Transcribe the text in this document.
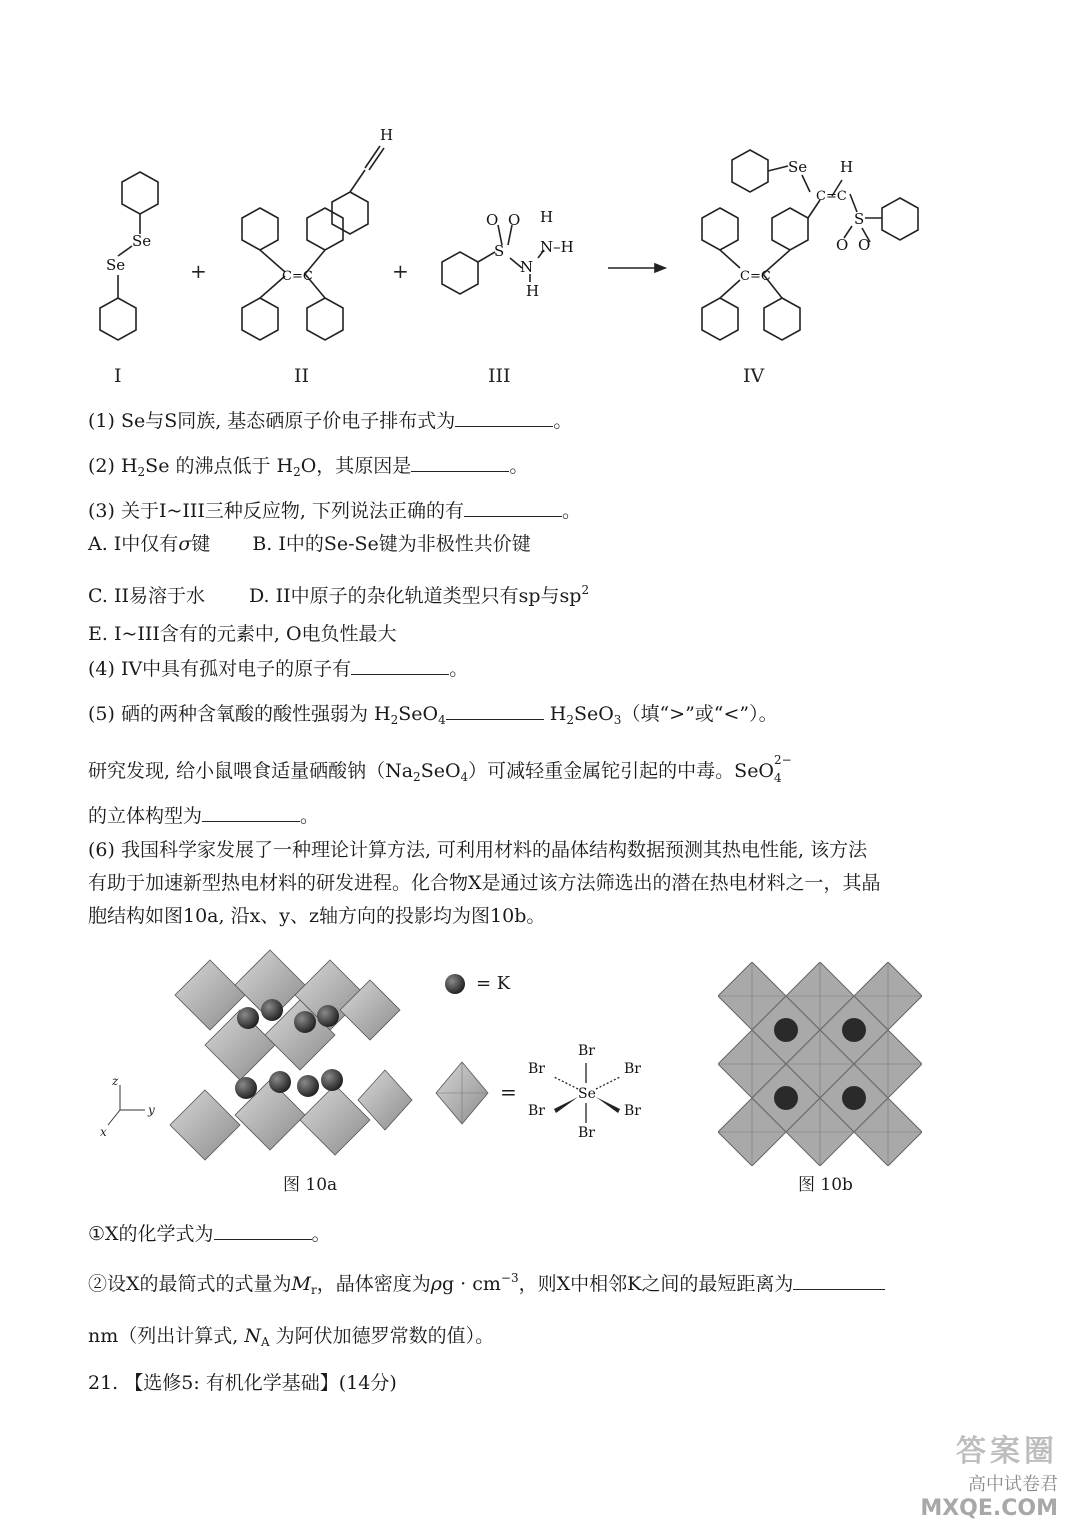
Se
Se
H
C=C
S
O O
N
N–H
H
H
Se H
C=C
S
O O
C=C
+	+
I	II	III	IV
(1) Se与S同族, 基态硒原子价电子排布式为	。
(2) $H_2Se$ 的沸点低于 $H_2O$，其原因是	。
(3) 关于I~III三种反应物, 下列说法正确的有	。
A. I中仅有σ键 B. I中的Se-Se键为非极性共价键
C. II易溶于水 D. II中原子的杂化轨道类型只有sp与$sp^2$
E. I~III含有的元素中, O电负性最大
(4) IV中具有孤对电子的原子有	。
(5) 硒的两种含氧酸的酸性强弱为 $H_2SeO_4$	$H_2SeO_3$（填“>”或“<”）。
研究发现, 给小鼠喂食适量硒酸钠$(Na_2SeO_4)$可减轻重金属铊引起的中毒。SeO 2−
4
的立体构型为	。
(6) 我国科学家发展了一种理论计算方法, 可利用材料的晶体结构数据预测其热电性能, 该方法
有助于加速新型热电材料的研发进程。化合物X是通过该方法筛选出的潜在热电材料之一，其晶
胞结构如图10a, 沿x、y、z轴方向的投影均为图10b。
z
y
x
图 10a
= K
=
Br
Br	Br
Se
Br	Br
Br
图 10b
①X的化学式为	。
②设X的最简式的式量为$M_r$，晶体密度为$\rho g \cdot cm^{-3}$，则X中相邻K之间的最短距离为
nm（列出计算式, $N_A$ 为阿伏加德罗常数的值）。
21. 【选修5: 有机化学基础】(14分)
答案圈
高中试卷君
MXQE.COM
